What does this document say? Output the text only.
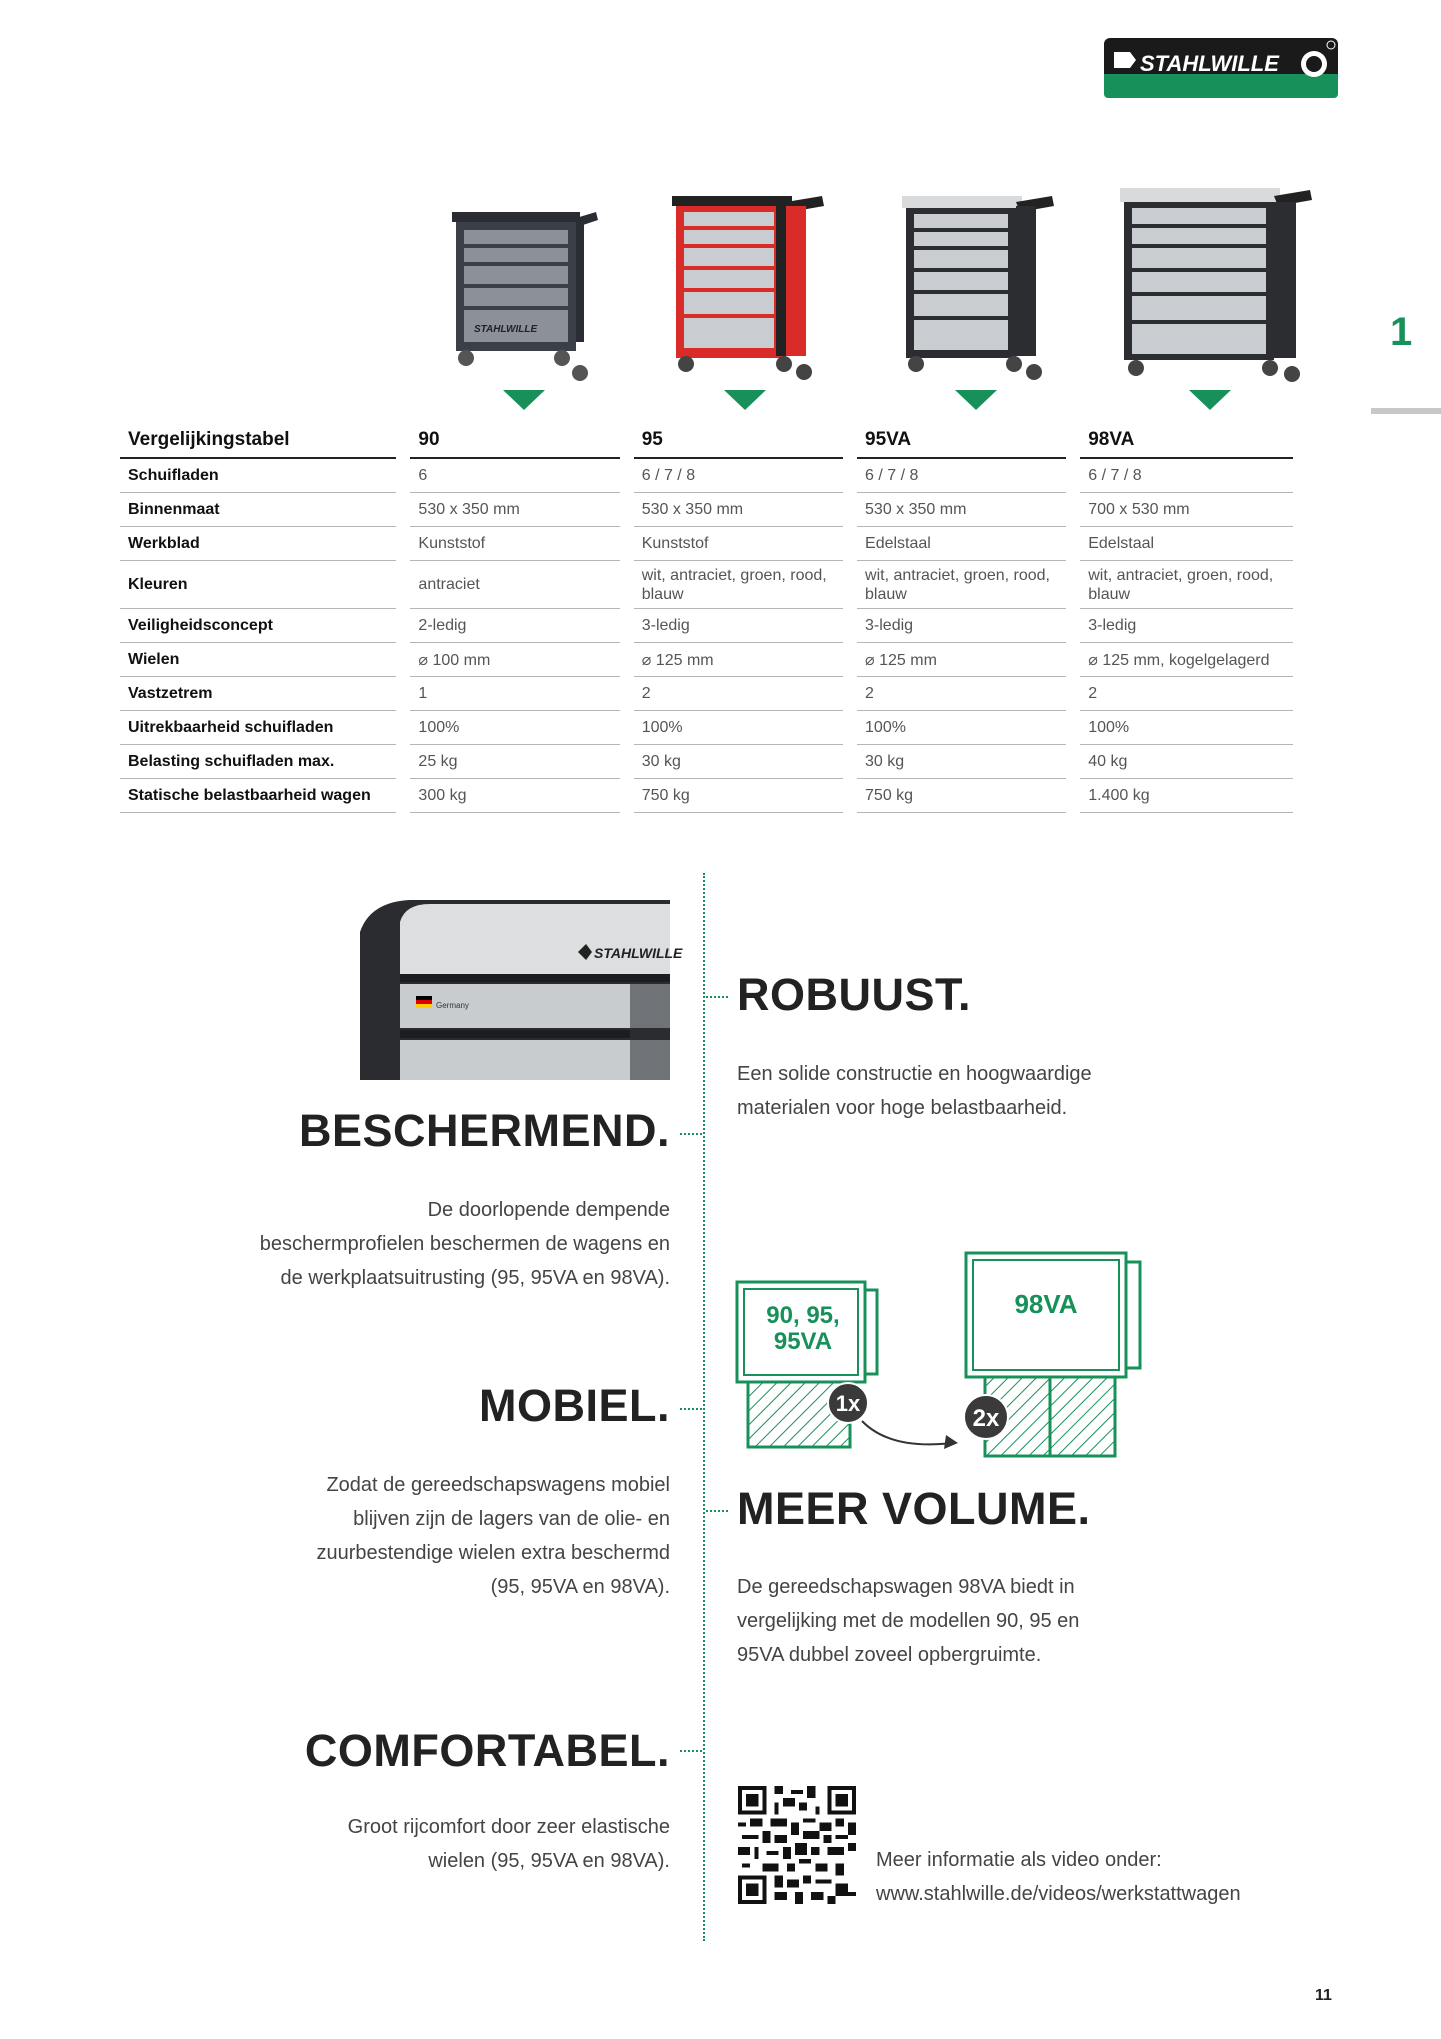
STAHLWILLE
1
STAHLWILLE
Vergelijkingstabel	90	95	95VA	98VA
Schuifladen	6	6 / 7 / 8	6 / 7 / 8	6 / 7 / 8
Binnenmaat	530 x 350 mm	530 x 350 mm	530 x 350 mm	700 x 530 mm
Werkblad	Kunststof	Kunststof	Edelstaal	Edelstaal
Kleuren	antraciet	wit, antraciet, groen, rood, blauw	wit, antraciet, groen, rood, blauw	wit, antraciet, groen, rood, blauw
Veiligheidsconcept	2-ledig	3-ledig	3-ledig	3-ledig
Wielen	⌀ 100 mm	⌀ 125 mm	⌀ 125 mm	⌀ 125 mm, kogelgelagerd
Vastzetrem	1	2	2	2
Uitrekbaarheid schuifladen	100%	100%	100%	100%
Belasting schuifladen max.	25 kg	30 kg	30 kg	40 kg
Statische belastbaarheid wagen	300 kg	750 kg	750 kg	1.400 kg
Germany
STAHLWILLE
BESCHERMEND.
De doorlopende dempende
beschermprofielen beschermen de wagens en
de werkplaatsuitrusting (95, 95VA en 98VA).
MOBIEL.
Zodat de gereedschapswagens mobiel
blijven zijn de lagers van de olie- en
zuurbestendige wielen extra beschermd
(95, 95VA en 98VA).
COMFORTABEL.
Groot rijcomfort door zeer elastische
wielen (95, 95VA en 98VA).
ROBUUST.
Een solide constructie en hoogwaardige
materialen voor hoge belastbaarheid.
90, 95,
95VA
1x
98VA
2x
MEER VOLUME.
De gereedschapswagen 98VA biedt in
vergelijking met de modellen 90, 95 en
95VA dubbel zoveel opbergruimte.
Meer informatie als video onder:
www.stahlwille.de/videos/werkstattwagen
11
